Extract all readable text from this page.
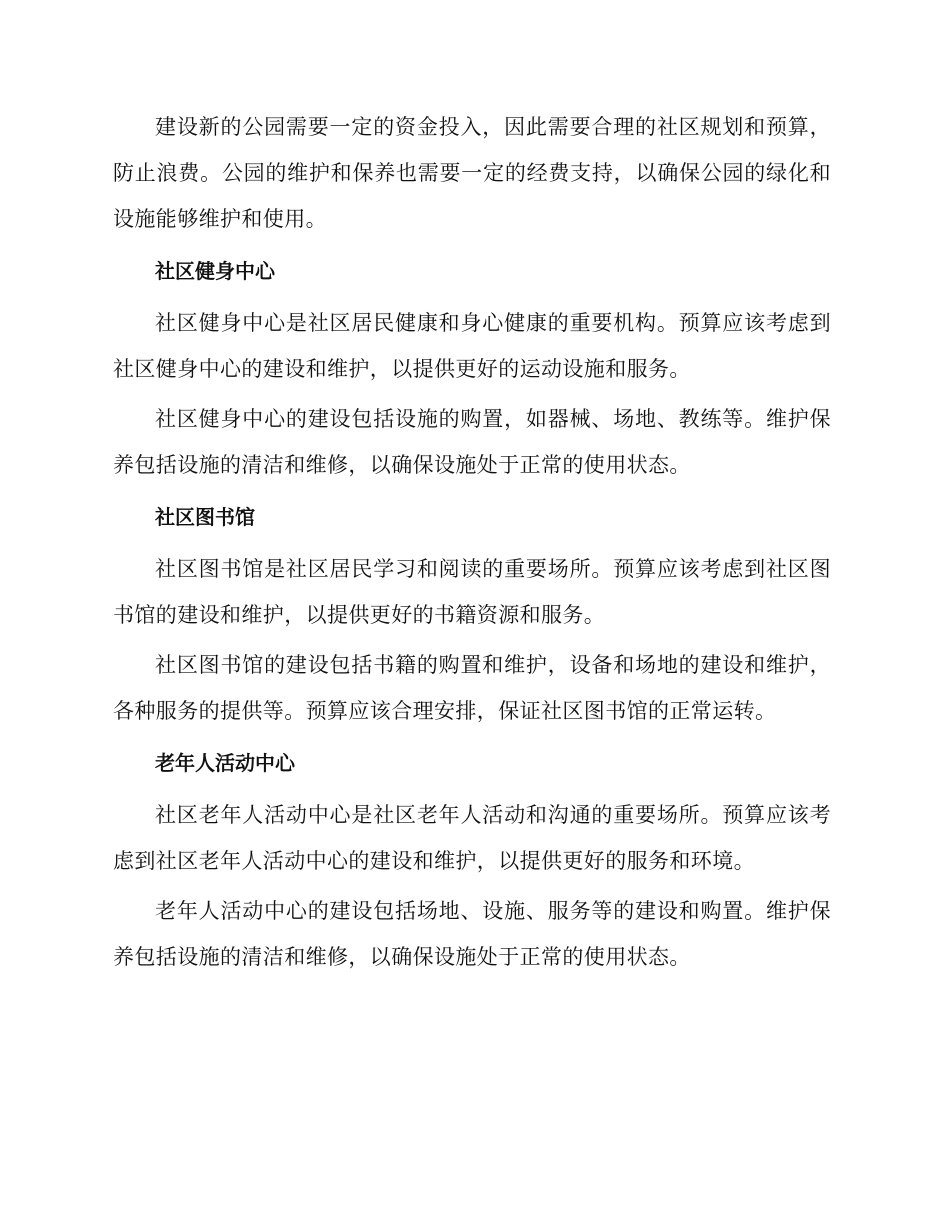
建设新的公园需要一定的资金投入，因此需要合理的社区规划和预算，防止浪费。公园的维护和保养也需要一定的经费支持，以确保公园的绿化和设施能够维护和使用。

社区健身中心

社区健身中心是社区居民健康和身心健康的重要机构。预算应该考虑到社区健身中心的建设和维护，以提供更好的运动设施和服务。

社区健身中心的建设包括设施的购置，如器械、场地、教练等。维护保养包括设施的清洁和维修，以确保设施处于正常的使用状态。

社区图书馆

社区图书馆是社区居民学习和阅读的重要场所。预算应该考虑到社区图书馆的建设和维护，以提供更好的书籍资源和服务。

社区图书馆的建设包括书籍的购置和维护，设备和场地的建设和维护，各种服务的提供等。预算应该合理安排，保证社区图书馆的正常运转。

老年人活动中心

社区老年人活动中心是社区老年人活动和沟通的重要场所。预算应该考虑到社区老年人活动中心的建设和维护，以提供更好的服务和环境。

老年人活动中心的建设包括场地、设施、服务等的建设和购置。维护保养包括设施的清洁和维修，以确保设施处于正常的使用状态。
